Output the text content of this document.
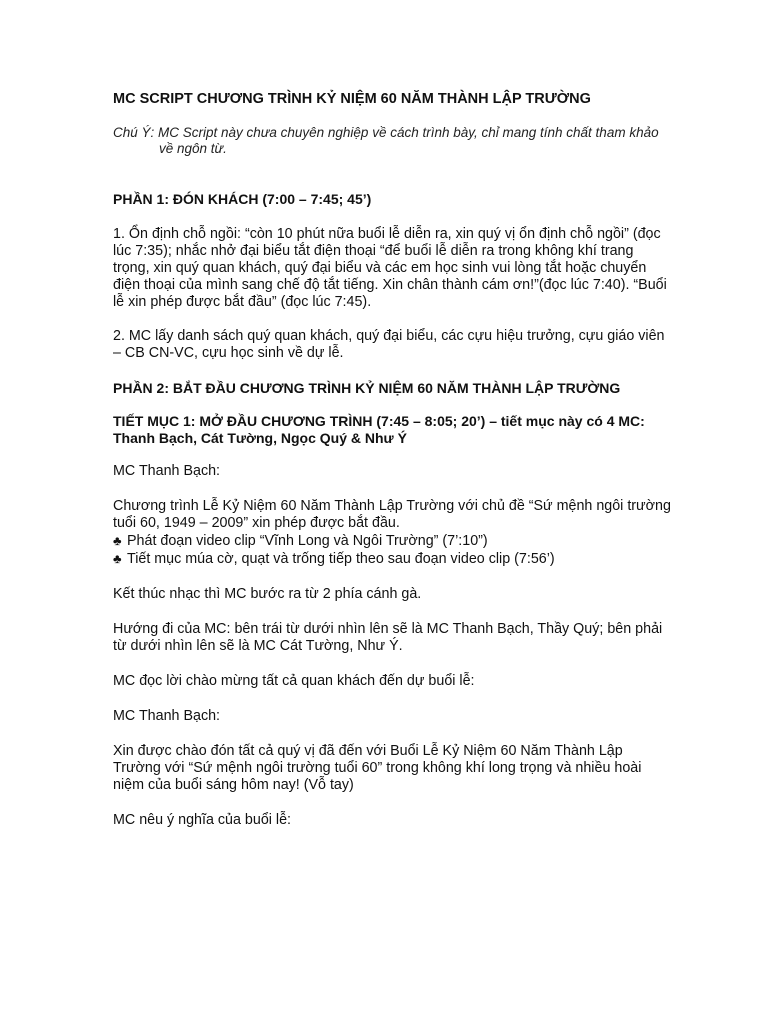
MC SCRIPT CHƯƠNG TRÌNH KỶ NIỆM 60 NĂM THÀNH LẬP TRƯỜNG

Chú Ý: MC Script này chưa chuyên nghiệp về cách trình bày, chỉ mang tính chất tham khảo về ngôn từ.

PHẦN 1: ĐÓN KHÁCH (7:00 – 7:45; 45’)

1. Ổn định chỗ ngồi: “còn 10 phút nữa buổi lễ diễn ra, xin quý vị ổn định chỗ ngồi” (đọc lúc 7:35); nhắc nhở đại biểu tắt điện thoại “để buổi lễ diễn ra trong không khí trang trọng, xin quý quan khách, quý đại biểu và các em học sinh vui lòng tắt hoặc chuyển điện thoại của mình sang chế độ tắt tiếng. Xin chân thành cám ơn!”(đọc lúc 7:40). “Buổi lễ xin phép được bắt đầu” (đọc lúc 7:45).

2. MC lấy danh sách quý quan khách, quý đại biểu, các cựu hiệu trưởng, cựu giáo viên – CB CN-VC, cựu học sinh về dự lễ.

PHẦN 2: BẮT ĐẦU CHƯƠNG TRÌNH KỶ NIỆM 60 NĂM THÀNH LẬP TRƯỜNG
TIẾT MỤC 1: MỞ ĐẦU CHƯƠNG TRÌNH (7:45 – 8:05; 20’) – tiết mục này có 4 MC: Thanh Bạch, Cát Tường, Ngọc Quý & Như Ý

MC Thanh Bạch:

Chương trình Lễ Kỷ Niệm 60 Năm Thành Lập Trường với chủ đề “Sứ mệnh ngôi trường tuổi 60, 1949 – 2009” xin phép được bắt đầu.

♣ Phát đoạn video clip “Vĩnh Long và Ngôi Trường” (7’:10”)

♣ Tiết mục múa cờ, quạt và trống tiếp theo sau đoạn video clip (7:56’)

Kết thúc nhạc thì MC bước ra từ 2 phía cánh gà.

Hướng đi của MC: bên trái từ dưới nhìn lên sẽ là MC Thanh Bạch, Thầy Quý; bên phải từ dưới nhìn lên sẽ là MC Cát Tường, Như Ý.

MC đọc lời chào mừng tất cả quan khách đến dự buổi lễ:

MC Thanh Bạch:

Xin được chào đón tất cả quý vị đã đến với Buổi Lễ Kỷ Niệm 60 Năm Thành Lập Trường với “Sứ mệnh ngôi trường tuổi 60” trong không khí long trọng và nhiều hoài niệm của buổi sáng hôm nay! (Vỗ tay)

MC nêu ý nghĩa của buổi lễ:
